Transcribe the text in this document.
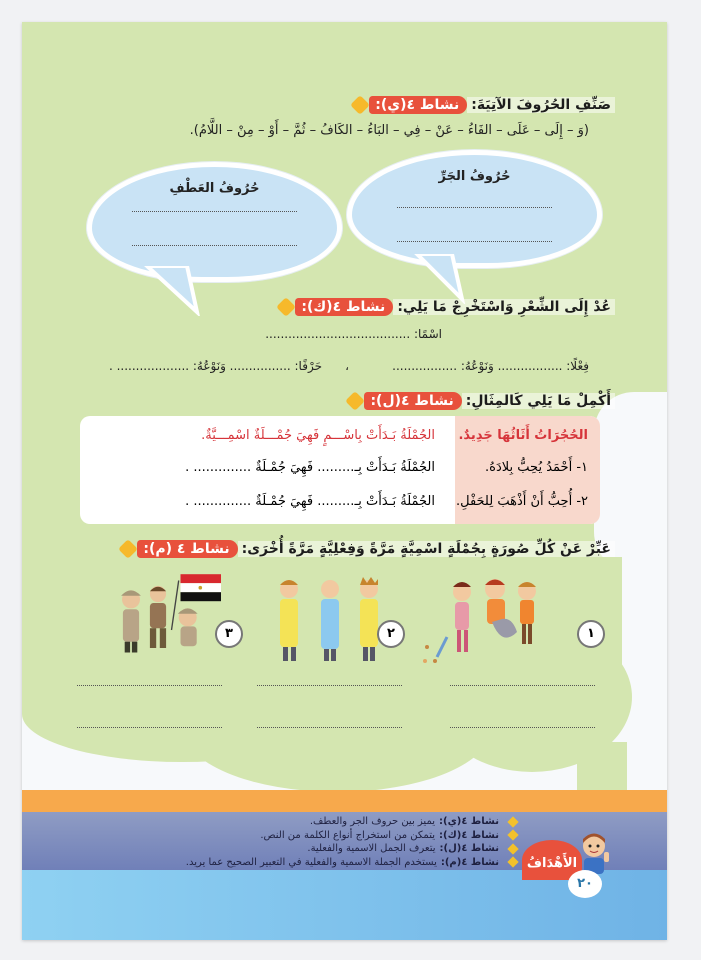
نشاط ٤(ي): صَنِّفِ الحُرُوفَ الآتِيَةَ:
(وَ – إِلَى – عَلَى – الفَاءُ – عَنْ – فِي – البَاءُ – الكَافُ – ثُمَّ – أَوْ – مِنْ – اللَّامُ).
حُرُوفُ الجَرِّ
حُرُوفُ العَطْفِ
نشاط ٤(ك): عُدْ إِلَى الشِّعْرِ وَاسْتَخْرِجْ مَا يَلِي:
اسْمًا: ......................................
فِعْلًا: ................. وَنَوْعُهُ: .................
،
حَرْفًا: ................ وَنَوْعُهُ: ................... .
نشاط ٤(ل): أَكْمِلْ مَا يَلِي كَالمِثَالِ:
الحُجُرَاتُ أَثَاثُهَا جَدِيدٌ.
الجُمْلَةُ بَـدَأَتْ بِاسْـــمٍ فَهِيَ جُمْـــلَةٌ اسْمِـــيَّةٌ.
١- أَحْمَدُ يُحِبُّ بِلادَهُ.
الجُمْلَةُ بَـدَأَتْ بِـ......... فَهِيَ جُمْـلَةٌ .............. .
٢- أُحِبُّ أَنْ أَذْهَبَ لِلحَفْلِ.
الجُمْلَةُ بَـدَأَتْ بِـ......... فَهِيَ جُمْـلَةٌ .............. .
نشاط ٤ (م): عَبِّرْ عَنْ كُلِّ صُورَةٍ بِجُمْلَةٍ اسْمِيَّةٍ مَرَّةً وَفِعْلِيَّةٍ مَرَّةً أُخْرَى:
١
٢
٣
نشاط ٤(ي):
يميز بين حروف الجر والعطف.
نشاط ٤(ك):
يتمكن من استخراج أنواع الكلمة من النص.
نشاط ٤(ل):
يتعرف الجمل الاسمية والفعلية.
نشاط ٤(م):
يستخدم الجملة الاسمية والفعلية في التعبير الصحيح عما يريد.	الأَهْدَافُ
٢٠
